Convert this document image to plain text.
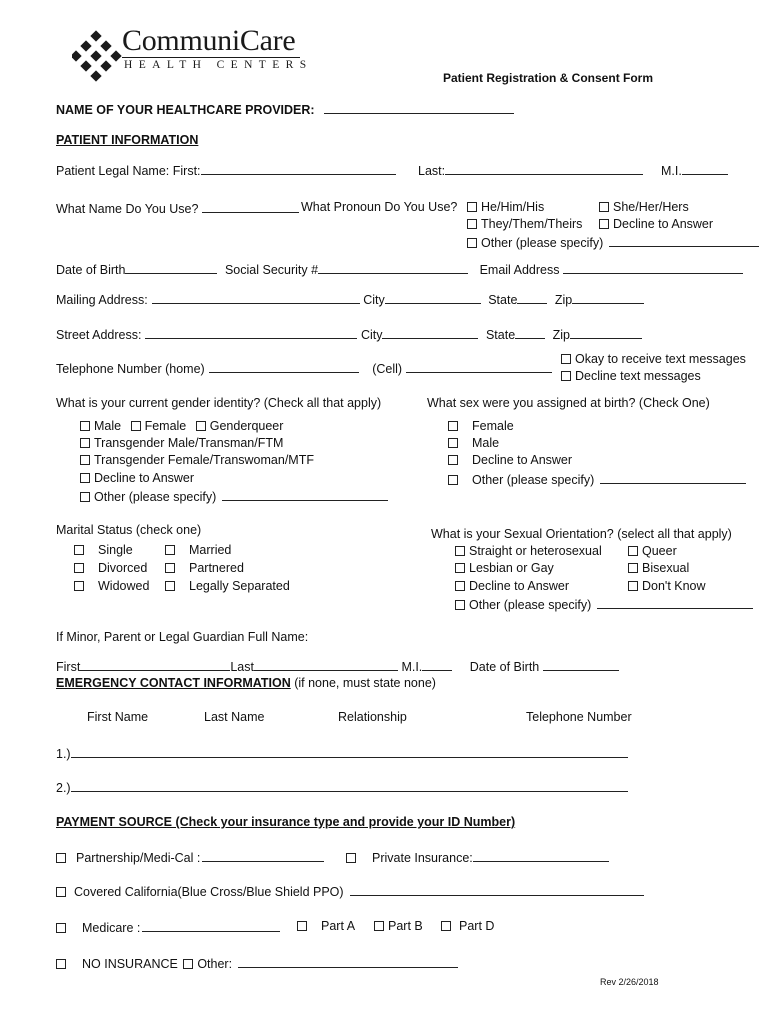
CommuniCare
HEALTH CENTERS
Patient Registration & Consent Form
NAME OF YOUR HEALTHCARE PROVIDER:
PATIENT INFORMATION
Patient Legal Name: First:	Last:	M.I.
What Name Do You Use?	What Pronoun Do You Use?	He/Him/His	She/Her/Hers
They/Them/Theirs	Decline to Answer
Other (please specify)
Date of Birth	Social Security #	Email Address
Mailing Address:	City	State	Zip
Street Address:	City	State	Zip
Telephone Number (home)	(Cell)
Okay to receive text messages
Decline text messages
What is your current gender identity? (Check all that apply)
Male Female Genderqueer
Transgender Male/Transman/FTM
Transgender Female/Transwoman/MTF
Decline to Answer
Other (please specify)
What sex were you assigned at birth? (Check One)
Female
Male
Decline to Answer
Other (please specify)
Marital Status (check one)
Single	Married
Divorced	Partnered
Widowed	Legally Separated
What is your Sexual Orientation? (select all that apply)
Straight or heterosexual	Queer
Lesbian or Gay	Bisexual
Decline to Answer	Don't Know
Other (please specify)
If Minor, Parent or Legal Guardian Full Name:
First	Last	M.I.	Date of Birth
EMERGENCY CONTACT INFORMATION (if none, must state none)
First Name	Last Name	Relationship	Telephone Number
1.)
2.)
PAYMENT SOURCE (Check your insurance type and provide your ID Number)
Partnership/Medi-Cal :	Private Insurance:
Covered California(Blue Cross/Blue Shield PPO)
Medicare :	Part A	Part B	Part D
NO INSURANCE Other:
Rev 2/26/2018
